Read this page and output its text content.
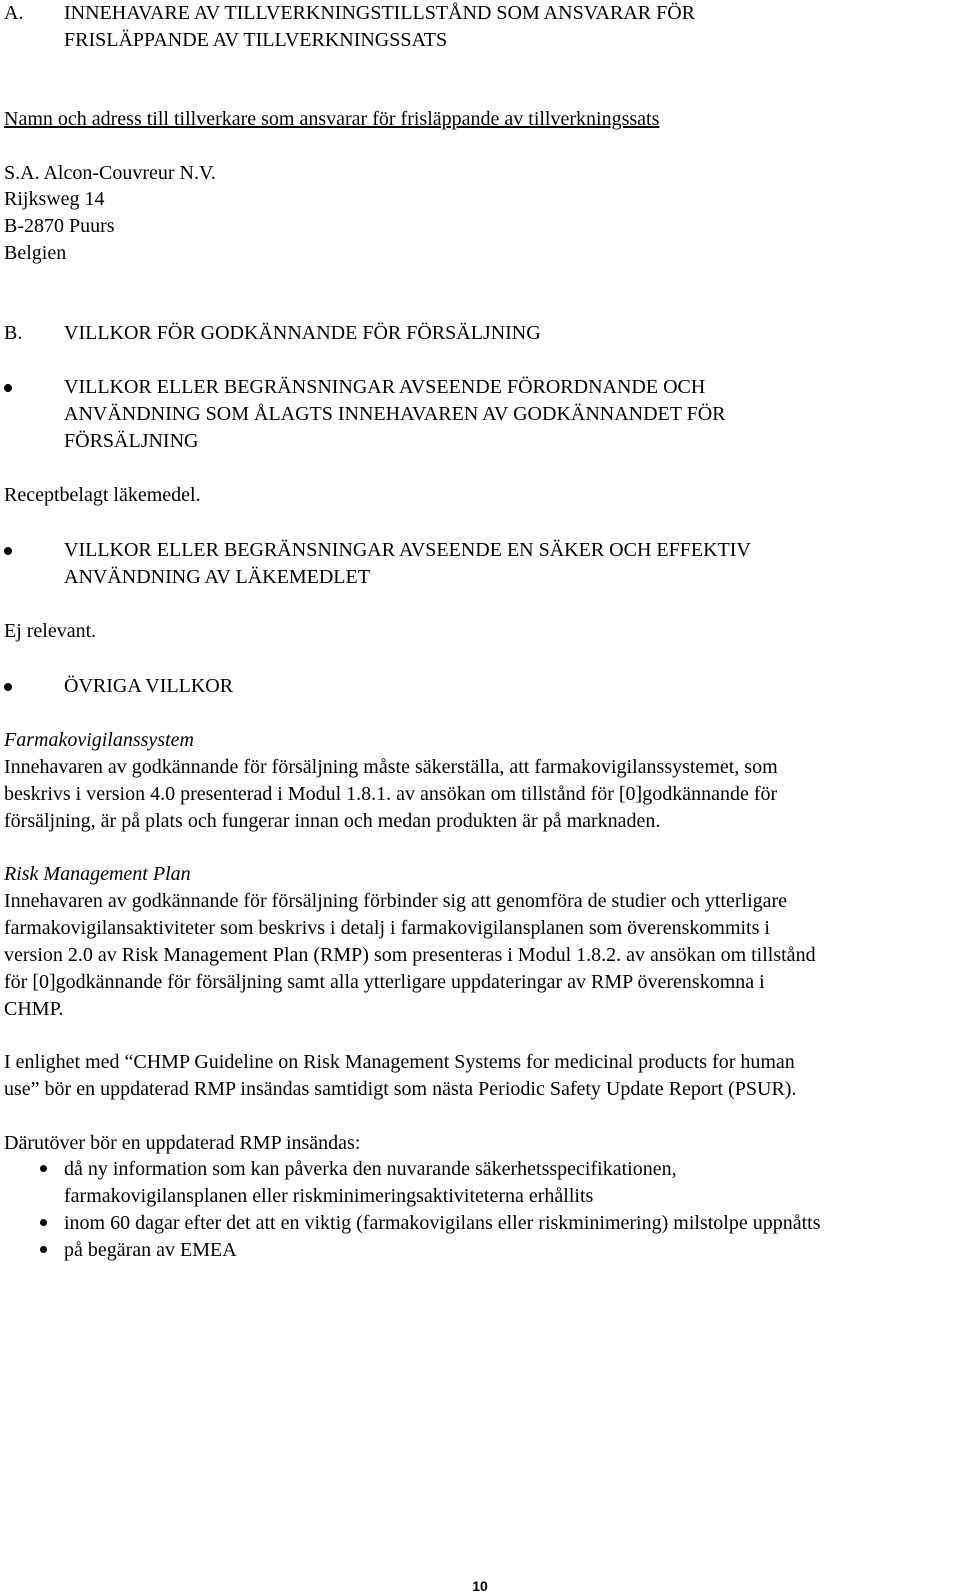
A.	INNEHAVARE AV TILLVERKNINGSTILLSTÅND SOM ANSVARAR FÖR
FRISLÄPPANDE AV TILLVERKNINGSSATS
Namn och adress till tillverkare som ansvarar för frisläppande av tillverkningssats
S.A. Alcon-Couvreur N.V.
Rijksweg 14
B-2870 Puurs
Belgien
B.	VILLKOR FÖR GODKÄNNANDE FÖR FÖRSÄLJNING
VILLKOR ELLER BEGRÄNSNINGAR AVSEENDE FÖRORDNANDE OCH
ANVÄNDNING SOM ÅLAGTS INNEHAVAREN AV GODKÄNNANDET FÖR
FÖRSÄLJNING
Receptbelagt läkemedel.
VILLKOR ELLER BEGRÄNSNINGAR AVSEENDE EN SÄKER OCH EFFEKTIV
ANVÄNDNING AV LÄKEMEDLET
Ej relevant.
ÖVRIGA VILLKOR
Farmakovigilanssystem
Innehavaren av godkännande för försäljning måste säkerställa, att farmakovigilanssystemet, som
beskrivs i version 4.0 presenterad i Modul 1.8.1. av ansökan om tillstånd för [0]godkännande för
försäljning, är på plats och fungerar innan och medan produkten är på marknaden.
Risk Management Plan
Innehavaren av godkännande för försäljning förbinder sig att genomföra de studier och ytterligare
farmakovigilansaktiviteter som beskrivs i detalj i farmakovigilansplanen som överenskommits i
version 2.0 av Risk Management Plan (RMP) som presenteras i Modul 1.8.2. av ansökan om tillstånd
för [0]godkännande för försäljning samt alla ytterligare uppdateringar av RMP överenskomna i
CHMP.
I enlighet med “CHMP Guideline on Risk Management Systems for medicinal products for human
use” bör en uppdaterad RMP insändas samtidigt som nästa Periodic Safety Update Report (PSUR).
Därutöver bör en uppdaterad RMP insändas:
då ny information som kan påverka den nuvarande säkerhetsspecifikationen,
farmakovigilansplanen eller riskminimeringsaktiviteterna erhållits
inom 60 dagar efter det att en viktig (farmakovigilans eller riskminimering) milstolpe uppnåtts
på begäran av EMEA
10
